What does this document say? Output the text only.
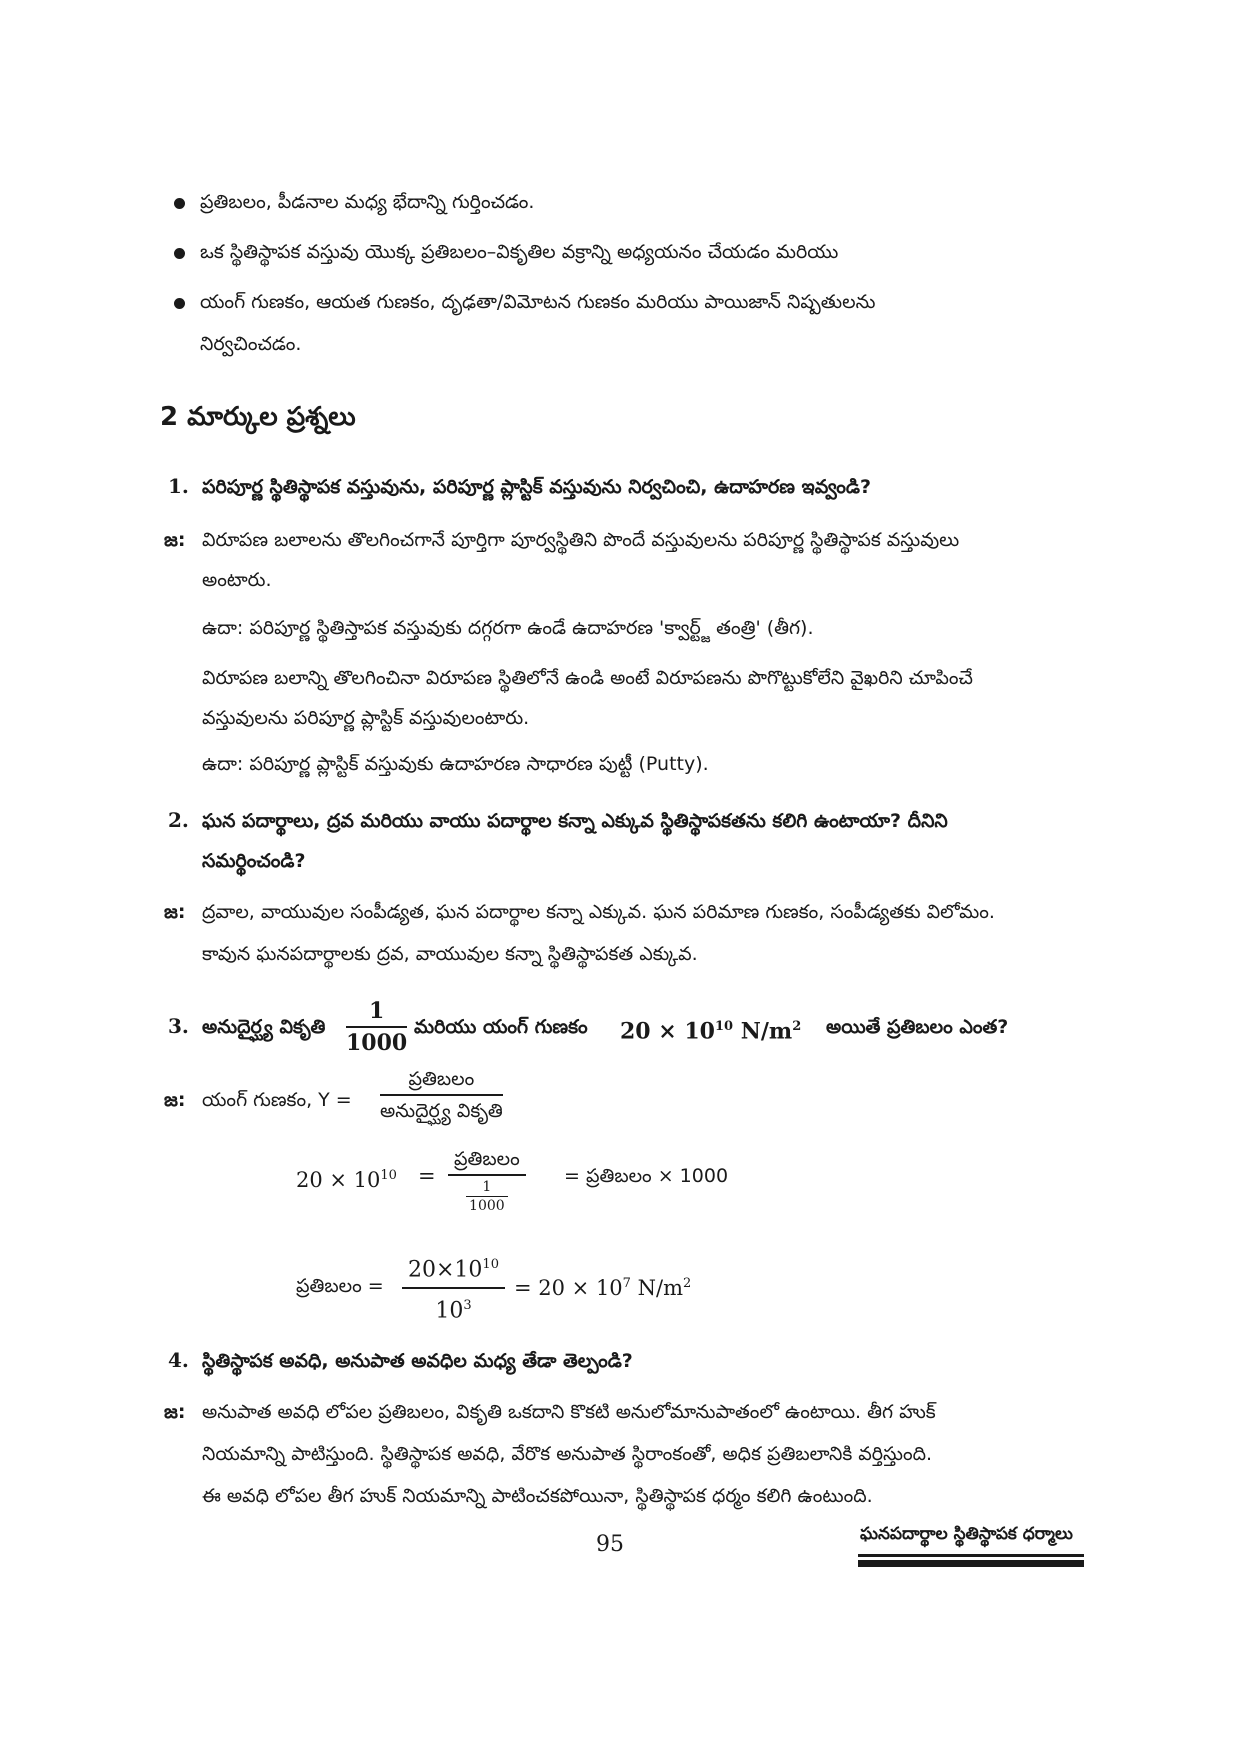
ప్రతిబలం, పీడనాల మధ్య భేదాన్ని గుర్తించడం.
ఒక స్థితిస్థాపక వస్తువు యొక్క ప్రతిబలం–వికృతిల వక్రాన్ని అధ్యయనం చేయడం మరియు
యంగ్ గుణకం, ఆయత గుణకం, దృఢతా/విమోటన గుణకం మరియు పాయిజాన్ నిష్పతులను
నిర్వచించడం.
2 మార్కుల ప్రశ్నలు
1. పరిపూర్ణ స్థితిస్థాపక వస్తువును, పరిపూర్ణ ప్లాస్టిక్ వస్తువును నిర్వచించి, ఉదాహరణ ఇవ్వండి?
జ: విరూపణ బలాలను తొలగించగానే పూర్తిగా పూర్వస్థితిని పొందే వస్తువులను పరిపూర్ణ స్థితిస్థాపక వస్తువులు
అంటారు.
ఉదా: పరిపూర్ణ స్థితిస్తాపక వస్తువుకు దగ్గరగా ఉండే ఉదాహరణ 'క్వార్ట్జ్ తంత్రి' (తీగ).
విరూపణ బలాన్ని తొలగించినా విరూపణ స్థితిలోనే ఉండి అంటే విరూపణను పొగొట్టుకోలేని వైఖరిని చూపించే
వస్తువులను పరిపూర్ణ ప్లాస్టిక్ వస్తువులంటారు.
ఉదా: పరిపూర్ణ ప్లాస్టిక్ వస్తువుకు ఉదాహరణ సాధారణ పుట్టీ (Putty).
2. ఘన పదార్థాలు, ద్రవ మరియు వాయు పదార్థాల కన్నా ఎక్కువ స్థితిస్థాపకతను కలిగి ఉంటాయా? దీనిని
సమర్థించండి?
జ: ద్రవాల, వాయువుల సంపీడ్యత, ఘన పదార్థాల కన్నా ఎక్కువ. ఘన పరిమాణ గుణకం, సంపీడ్యతకు విలోమం.
కావున ఘనపదార్థాలకు ద్రవ, వాయువుల కన్నా స్థితిస్థాపకత ఎక్కువ.
3. అనుదైర్ఘ్య వికృతి $\frac{1}{1000}$ మరియు యంగ్ గుణకం $20 \times 10^{10}$ $N/m^2$ అయితే ప్రతిబలం ఎంత?
జ: యంగ్ గుణకం, Y =
ప్రతిబలం
అనుదైర్ఘ్య వికృతి
$20 \times 10^{10}$ =
ప్రతిబలం
1
1000
= ప్రతిబలం × 1000
ప్రతిబలం = $\frac{20\times 10^{10}}{10^3} = 20 \times 10^7$ $N/m^2$
4. స్థితిస్థాపక అవధి, అనుపాత అవధిల మధ్య తేడా తెల్పండి?
జ: అనుపాత అవధి లోపల ప్రతిబలం, వికృతి ఒకదాని కొకటి అనులోమానుపాతంలో ఉంటాయి. తీగ హుక్
నియమాన్ని పాటిస్తుంది. స్థితిస్థాపక అవధి, వేరొక అనుపాత స్థిరాంకంతో, అధిక ప్రతిబలానికి వర్తిస్తుంది.
ఈ అవధి లోపల తీగ హుక్ నియమాన్ని పాటించకపోయినా, స్థితిస్థాపక ధర్మం కలిగి ఉంటుంది.
95	ఘనపదార్థాల స్థితిస్థాపక ధర్మాలు
